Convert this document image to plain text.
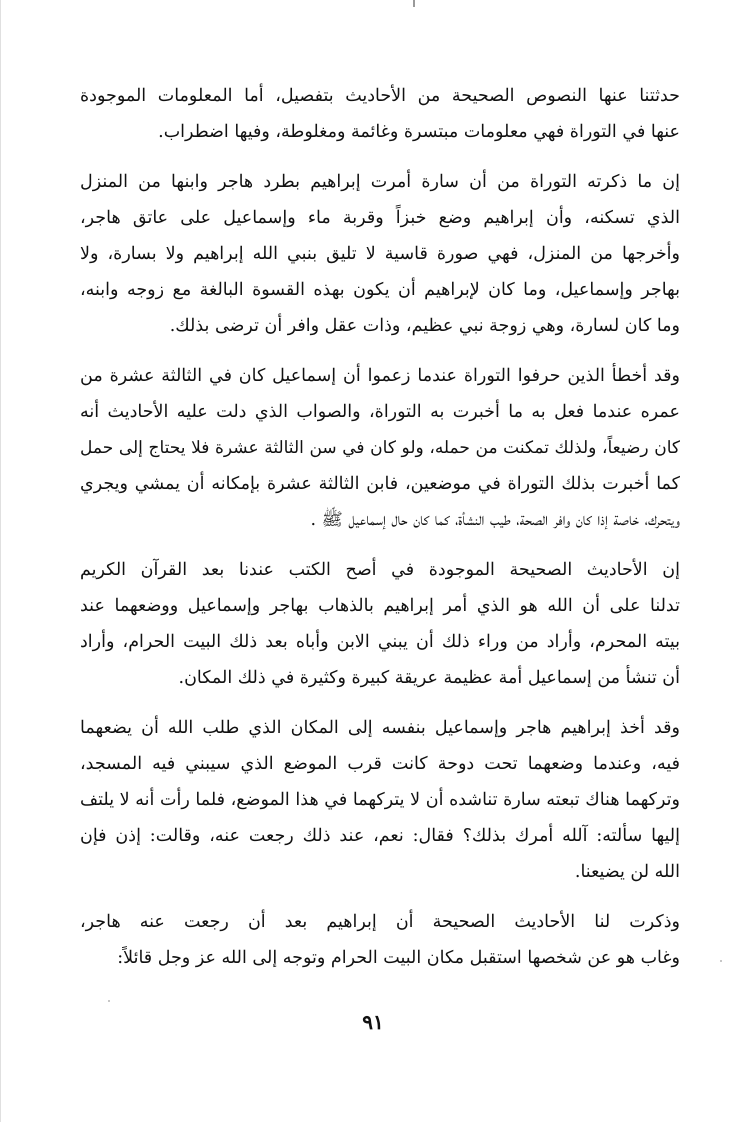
حدثتنا عنها النصوص الصحيحة من الأحاديث بتفصيل، أما المعلومات الموجودة
عنها في التوراة فهي معلومات مبتسرة وغائمة ومغلوطة، وفيها اضطراب.
إن ما ذكرته التوراة من أن سارة أمرت إبراهيم بطرد هاجر وابنها من المنزل
الذي تسكنه، وأن إبراهيم وضع خبزاً وقربة ماء وإسماعيل على عاتق هاجر،
وأخرجها من المنزل، فهي صورة قاسية لا تليق بنبي الله إبراهيم ولا بسارة، ولا
بهاجر وإسماعيل، وما كان لإبراهيم أن يكون بهذه القسوة البالغة مع زوجه وابنه،
وما كان لسارة، وهي زوجة نبي عظيم، وذات عقل وافر أن ترضى بذلك.
وقد أخطأ الذين حرفوا التوراة عندما زعموا أن إسماعيل كان في الثالثة عشرة من
عمره عندما فعل به ما أخبرت به التوراة، والصواب الذي دلت عليه الأحاديث أنه
كان رضيعاً، ولذلك تمكنت من حمله، ولو كان في سن الثالثة عشرة فلا يحتاج إلى حمل
كما أخبرت بذلك التوراة في موضعين، فابن الثالثة عشرة بإمكانه أن يمشي ويجري
ويتحرك، خاصة إذا كان وافر الصحة، طيب النشأة، كما كان حال إسماعيل ﷺ .
إن الأحاديث الصحيحة الموجودة في أصح الكتب عندنا بعد القرآن الكريم
تدلنا على أن الله هو الذي أمر إبراهيم بالذهاب بهاجر وإسماعيل ووضعهما عند
بيته المحرم، وأراد من وراء ذلك أن يبني الابن وأباه بعد ذلك البيت الحرام، وأراد
أن تنشأ من إسماعيل أمة عظيمة عريقة كبيرة وكثيرة في ذلك المكان.
وقد أخذ إبراهيم هاجر وإسماعيل بنفسه إلى المكان الذي طلب الله أن يضعهما
فيه، وعندما وضعهما تحت دوحة كانت قرب الموضع الذي سيبني فيه المسجد،
وتركهما هناك تبعته سارة تناشده أن لا يتركهما في هذا الموضع، فلما رأت أنه لا يلتف
إليها سألته: آلله أمرك بذلك؟ فقال: نعم، عند ذلك رجعت عنه، وقالت: إذن فإن
الله لن يضيعنا.
وذكرت لنا الأحاديث الصحيحة أن إبراهيم بعد أن رجعت عنه هاجر،
وغاب هو عن شخصها استقبل مكان البيت الحرام وتوجه إلى الله عز وجل قائلاً:
٩١
